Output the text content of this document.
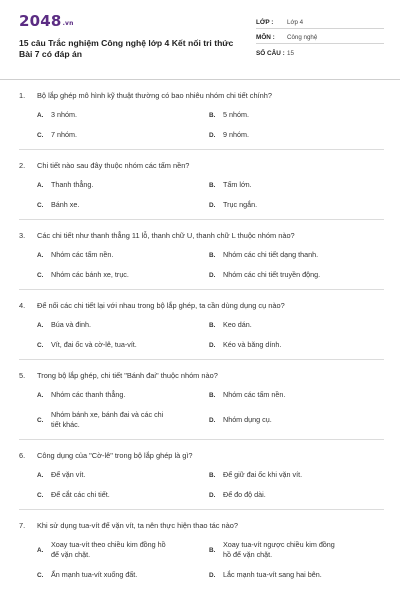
2048.vn
15 câu Trắc nghiệm Công nghệ lớp 4 Kết nối tri thức Bài 7 có đáp án
LỚP :	Lớp 4
MÔN :	Công nghệ
SỐ CÂU : 15
1.	Bộ lắp ghép mô hình kỹ thuật thường có bao nhiêu nhóm chi tiết chính?
A.	3 nhóm.	B.	5 nhóm.
C.	7 nhóm.	D.	9 nhóm.
2.	Chi tiết nào sau đây thuộc nhóm các tấm nền?
A.	Thanh thẳng.	B.	Tấm lớn.
C.	Bánh xe.	D.	Trục ngắn.
3.	Các chi tiết như thanh thẳng 11 lỗ, thanh chữ U, thanh chữ L thuộc nhóm nào?
A.	Nhóm các tấm nền.	B.	Nhóm các chi tiết dạng thanh.
C.	Nhóm các bánh xe, trục.	D.	Nhóm các chi tiết truyền động.
4.	Để nối các chi tiết lại với nhau trong bộ lắp ghép, ta cần dùng dụng cụ nào?
A.	Búa và đinh.	B.	Keo dán.
C.	Vít, đai ốc và cờ-lê, tua-vít.	D.	Kéo và băng dính.
5.	Trong bộ lắp ghép, chi tiết "Bánh đai" thuộc nhóm nào?
A.	Nhóm các thanh thẳng.	B.	Nhóm các tấm nền.
C.
Nhóm bánh xe, bánh đai và các chi tiết khác.	D.	Nhóm dụng cụ.
6.	Công dụng của "Cờ-lê" trong bộ lắp ghép là gì?
A.	Để vặn vít.	B.	Để giữ đai ốc khi vặn vít.
C.	Để cắt các chi tiết.	D.	Để đo độ dài.
7.	Khi sử dụng tua-vít để vặn vít, ta nên thực hiện thao tác nào?
A.
Xoay tua-vít theo chiều kim đồng hồ để vặn chặt.	B.
Xoay tua-vít ngược chiều kim đồng hồ để vặn chặt.
C.	Ấn mạnh tua-vít xuống đất.	D.	Lắc mạnh tua-vít sang hai bên.
